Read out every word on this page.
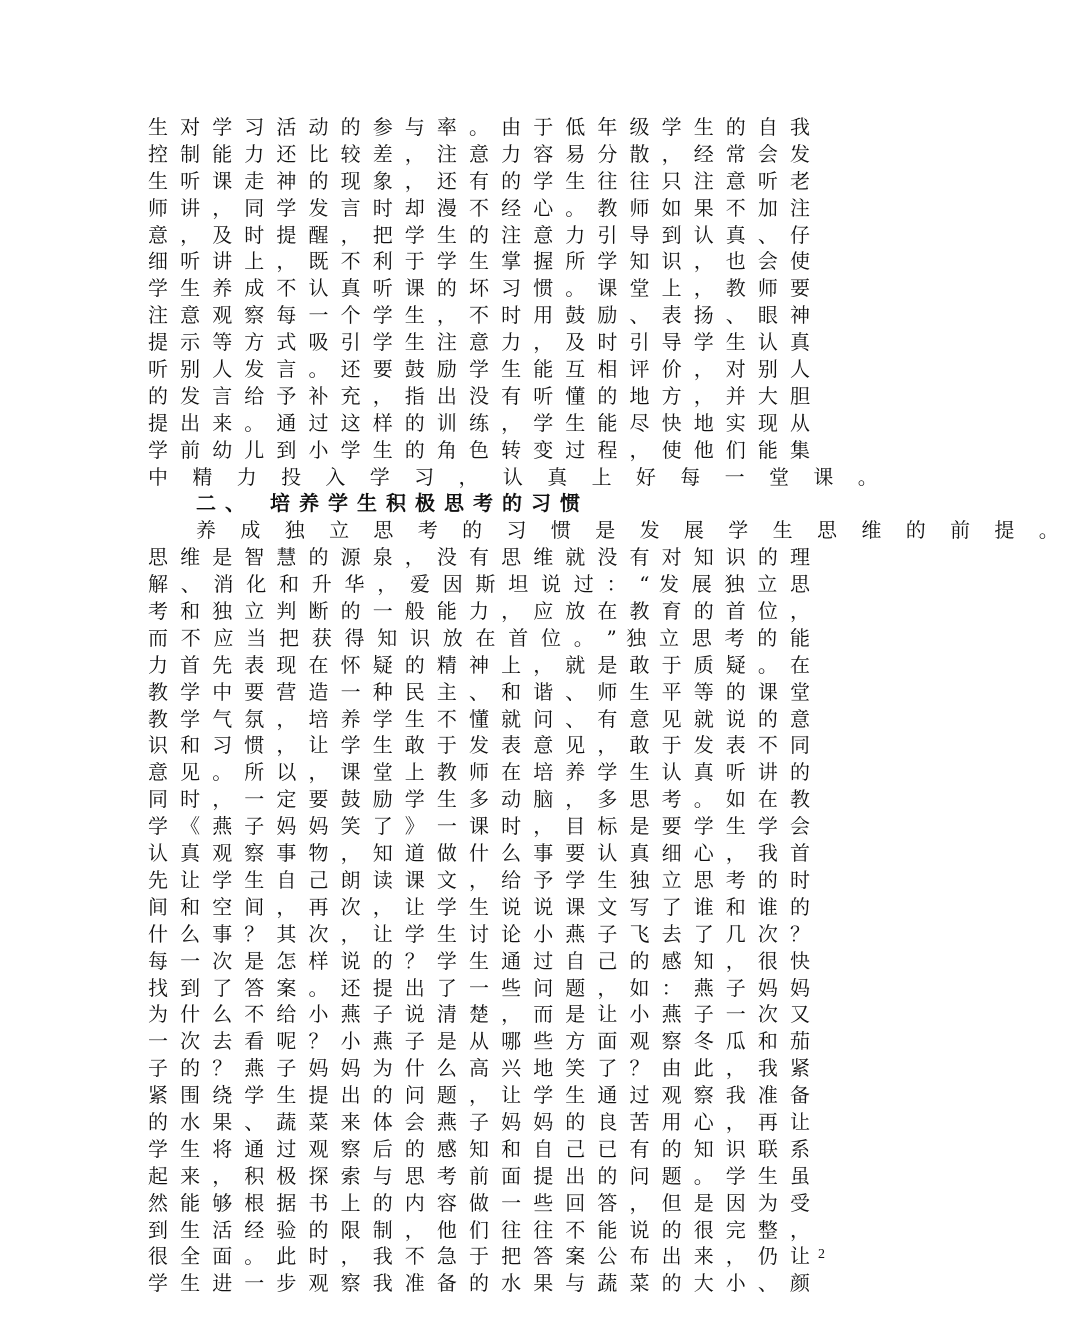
生 对 学 习 活 动 的 参 与 率 。 由 于 低 年 级 学 生 的 自 我
控 制 能 力 还 比 较 差 ， 注 意 力 容 易 分 散 ， 经 常 会 发
生 听 课 走 神 的 现 象 ， 还 有 的 学 生 往 往 只 注 意 听 老
师 讲 ， 同 学 发 言 时 却 漫 不 经 心 。 教 师 如 果 不 加 注
意 ， 及 时 提 醒 ， 把 学 生 的 注 意 力 引 导 到 认 真 、 仔
细 听 讲 上 ， 既 不 利 于 学 生 掌 握 所 学 知 识 ， 也 会 使
学 生 养 成 不 认 真 听 课 的 坏 习 惯 。 课 堂 上 ， 教 师 要
注 意 观 察 每 一 个 学 生 ， 不 时 用 鼓 励 、 表 扬 、 眼 神
提 示 等 方 式 吸 引 学 生 注 意 力 ， 及 时 引 导 学 生 认 真
听 别 人 发 言 。 还 要 鼓 励 学 生 能 互 相 评 价 ， 对 别 人
的 发 言 给 予 补 充 ， 指 出 没 有 听 懂 的 地 方 ， 并 大 胆
提 出 来 。 通 过 这 样 的 训 练 ， 学 生 能 尽 快 地 实 现 从
学 前 幼 儿 到 小 学 生 的 角 色 转 变 过 程 ， 使 他 们 能 集
中 精 力 投 入 学 习 ， 认 真 上 好 每 一 堂 课 。
二、 培养学生积极思考的习惯
养 成 独 立 思 考 的 习 惯 是 发 展 学 生 思 维 的 前 提 。
思 维 是 智 慧 的 源 泉 ， 没 有 思 维 就 没 有 对 知 识 的 理
解 、 消 化 和 升 华 ， 爱 因 斯 坦 说 过 ： “ 发 展 独 立 思
考 和 独 立 判 断 的 一 般 能 力 ， 应 放 在 教 育 的 首 位 ，
而 不 应 当 把 获 得 知 识 放 在 首 位 。 ” 独 立 思 考 的 能
力 首 先 表 现 在 怀 疑 的 精 神 上 ， 就 是 敢 于 质 疑 。 在
教 学 中 要 营 造 一 种 民 主 、 和 谐 、 师 生 平 等 的 课 堂
教 学 气 氛 ， 培 养 学 生 不 懂 就 问 、 有 意 见 就 说 的 意
识 和 习 惯 ， 让 学 生 敢 于 发 表 意 见 ， 敢 于 发 表 不 同
意 见 。 所 以 ， 课 堂 上 教 师 在 培 养 学 生 认 真 听 讲 的
同 时 ， 一 定 要 鼓 励 学 生 多 动 脑 ， 多 思 考 。 如 在 教
学 《 燕 子 妈 妈 笑 了 》 一 课 时 ， 目 标 是 要 学 生 学 会
认 真 观 察 事 物 ， 知 道 做 什 么 事 要 认 真 细 心 ， 我 首
先 让 学 生 自 己 朗 读 课 文 ， 给 予 学 生 独 立 思 考 的 时
间 和 空 间 ， 再 次 ， 让 学 生 说 说 课 文 写 了 谁 和 谁 的
什 么 事 ？ 其 次 ， 让 学 生 讨 论 小 燕 子 飞 去 了 几 次 ？
每 一 次 是 怎 样 说 的 ？ 学 生 通 过 自 己 的 感 知 ， 很 快
找 到 了 答 案 。 还 提 出 了 一 些 问 题 ， 如 ： 燕 子 妈 妈
为 什 么 不 给 小 燕 子 说 清 楚 ， 而 是 让 小 燕 子 一 次 又
一 次 去 看 呢 ？ 小 燕 子 是 从 哪 些 方 面 观 察 冬 瓜 和 茄
子 的 ？ 燕 子 妈 妈 为 什 么 高 兴 地 笑 了 ？ 由 此 ， 我 紧
紧 围 绕 学 生 提 出 的 问 题 ， 让 学 生 通 过 观 察 我 准 备
的 水 果 、 蔬 菜 来 体 会 燕 子 妈 妈 的 良 苦 用 心 ， 再 让
学 生 将 通 过 观 察 后 的 感 知 和 自 己 已 有 的 知 识 联 系
起 来 ， 积 极 探 索 与 思 考 前 面 提 出 的 问 题 。 学 生 虽
然 能 够 根 据 书 上 的 内 容 做 一 些 回 答 ， 但 是 因 为 受
到 生 活 经 验 的 限 制 ， 他 们 往 往 不 能 说 的 很 完 整 ，
很 全 面 。 此 时 ， 我 不 急 于 把 答 案 公 布 出 来 ， 仍 让
学 生 进 一 步 观 察 我 准 备 的 水 果 与 蔬 菜 的 大 小 、 颜
2
